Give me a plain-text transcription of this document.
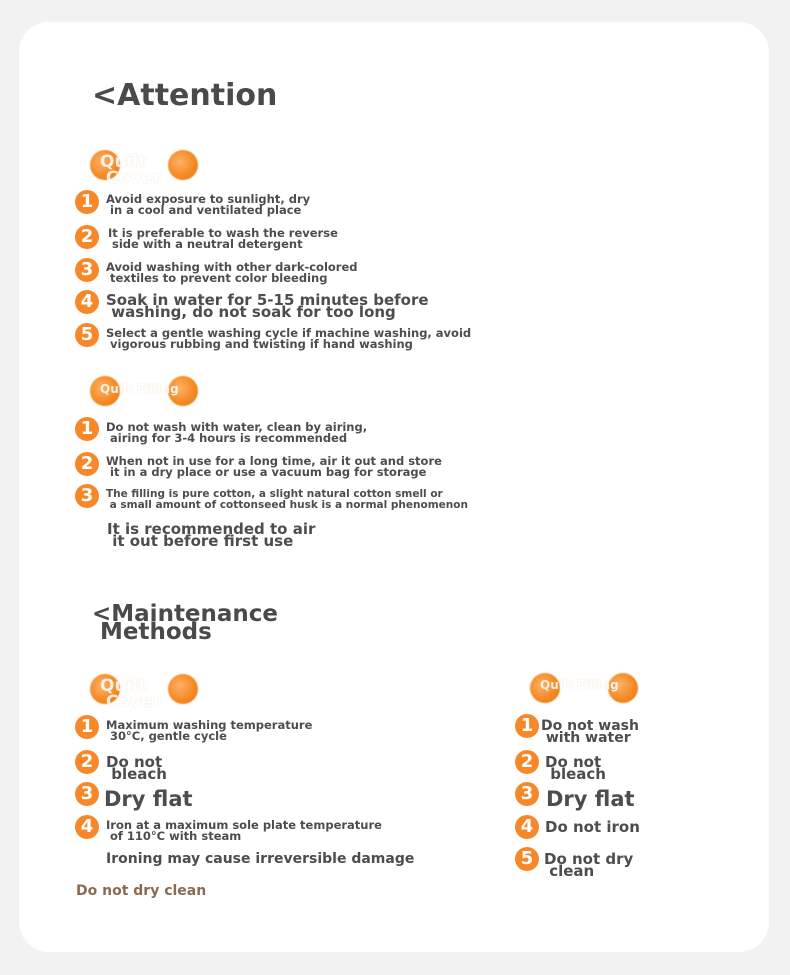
<Attention
Quilt
Cover
1	Avoid exposure to sunlight, dry
in a cool and ventilated place
2	It is preferable to wash the reverse
side with a neutral detergent
3	Avoid washing with other dark-colored
textiles to prevent color bleeding
4 Soak in water for 5-15 minutes before
washing, do not soak for too long
5	Select a gentle washing cycle if machine washing, avoid
vigorous rubbing and twisting if hand washing
Quilt Filling
1	Do not wash with water, clean by airing,
airing for 3-4 hours is recommended
2	When not in use for a long time, air it out and store
it in a dry place or use a vacuum bag for storage
3	The filling is pure cotton, a slight natural cotton smell or
a small amount of cottonseed husk is a normal phenomenon
It is recommended to air
it out before first use
<Maintenance
Methods
Quilt
Cover
1	Maximum washing temperature
30°C, gentle cycle
2 Do not
bleach
3 Dry flat
4	Iron at a maximum sole plate temperature
of 110°C with steam
Ironing may cause irreversible damage
Do not dry clean
Quilt Filling
1 Do not wash
with water
2 Do not
bleach
3 Dry flat
4 Do not iron
5 Do not dry
clean
